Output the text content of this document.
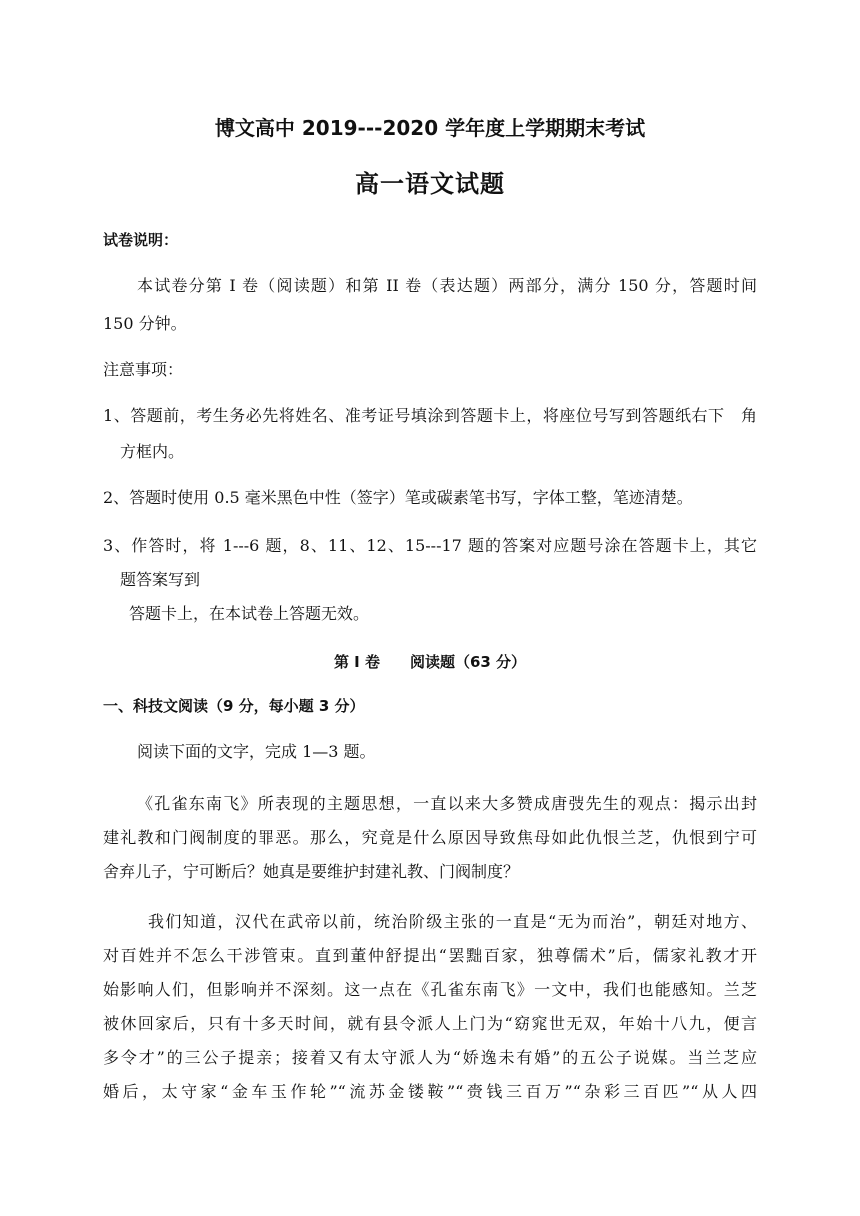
博文高中 2019---2020 学年度上学期期末考试
高一语文试题
试卷说明：
本试卷分第 I 卷（阅读题）和第 II 卷（表达题）两部分，满分 150 分，答题时间
150 分钟。
注意事项：
1、答题前，考生务必先将姓名、准考证号填涂到答题卡上，将座位号写到答题纸右下　角
方框内。
2、答题时使用 0.5 毫米黑色中性（签字）笔或碳素笔书写，字体工整，笔迹清楚。
3、作答时，将 1---6 题，8、11、12、15---17 题的答案对应题号涂在答题卡上，其它
题答案写到
答题卡上，在本试卷上答题无效。
第 I 卷　　阅读题（63 分）
一、科技文阅读（9 分，每小题 3 分）
阅读下面的文字，完成 1—3 题。
《孔雀东南飞》所表现的主题思想，一直以来大多赞成唐弢先生的观点：揭示出封
建礼教和门阀制度的罪恶。那么，究竟是什么原因导致焦母如此仇恨兰芝，仇恨到宁可
舍弃儿子，宁可断后？她真是要维护封建礼教、门阀制度？
我们知道，汉代在武帝以前，统治阶级主张的一直是“无为而治”，朝廷对地方、
对百姓并不怎么干涉管束。直到董仲舒提出“罢黜百家，独尊儒术”后，儒家礼教才开
始影响人们，但影响并不深刻。这一点在《孔雀东南飞》一文中，我们也能感知。兰芝
被休回家后，只有十多天时间，就有县令派人上门为“窈窕世无双，年始十八九，便言
多令才”的三公子提亲；接着又有太守派人为“娇逸未有婚”的五公子说媒。当兰芝应
婚后，太守家“金车玉作轮”“流苏金镂鞍”“赍钱三百万”“杂彩三百匹”“从人四
